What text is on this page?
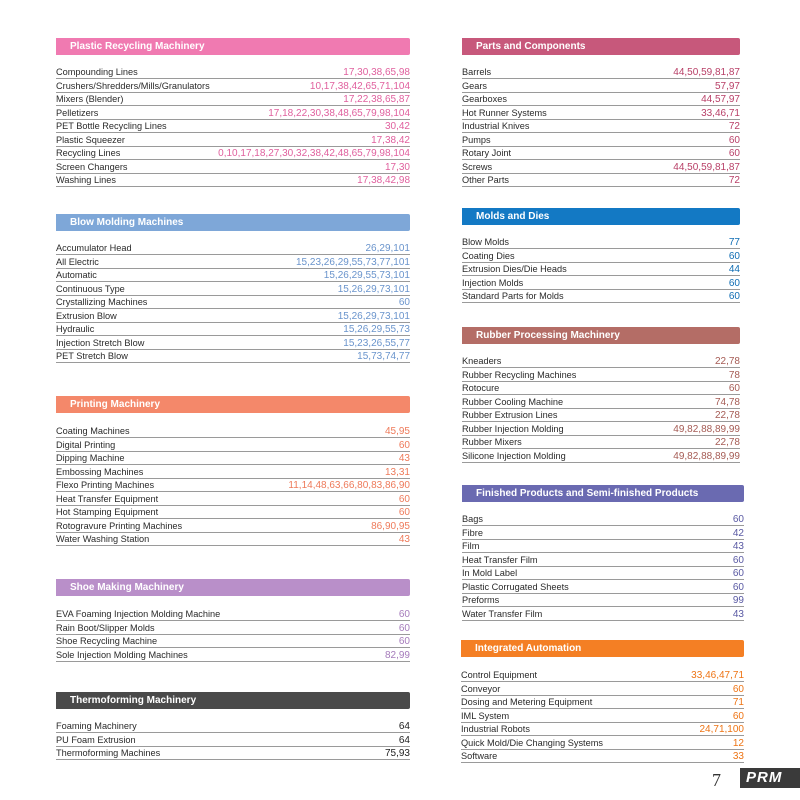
Plastic Recycling Machinery
Compounding Lines	17,30,38,65,98
Crushers/Shredders/Mills/Granulators	10,17,38,42,65,71,104
Mixers (Blender)	17,22,38,65,87
Pelletizers	17,18,22,30,38,48,65,79,98,104
PET Bottle Recycling Lines	30,42
Plastic Squeezer	17,38,42
Recycling Lines	0,10,17,18,27,30,32,38,42,48,65,79,98,104
Screen Changers	17,30
Washing Lines	17,38,42,98
Blow Molding Machines
Accumulator Head	26,29,101
All Electric	15,23,26,29,55,73,77,101
Automatic	15,26,29,55,73,101
Continuous Type	15,26,29,73,101
Crystallizing Machines	60
Extrusion Blow	15,26,29,73,101
Hydraulic	15,26,29,55,73
Injection Stretch Blow	15,23,26,55,77
PET Stretch Blow	15,73,74,77
Printing Machinery
Coating Machines	45,95
Digital Printing	60
Dipping Machine	43
Embossing Machines	13,31
Flexo Printing Machines	11,14,48,63,66,80,83,86,90
Heat Transfer Equipment	60
Hot Stamping Equipment	60
Rotogravure Printing Machines	86,90,95
Water Washing Station	43
Shoe Making Machinery
EVA Foaming Injection Molding Machine	60
Rain Boot/Slipper Molds	60
Shoe Recycling Machine	60
Sole Injection Molding Machines	82,99
Thermoforming Machinery
Foaming Machinery	64
PU Foam Extrusion	64
Thermoforming Machines	75,93
Parts and Components
Barrels	44,50,59,81,87
Gears	57,97
Gearboxes	44,57,97
Hot Runner Systems	33,46,71
Industrial Knives	72
Pumps	60
Rotary Joint	60
Screws	44,50,59,81,87
Other Parts	72
Molds and Dies
Blow Molds	77
Coating Dies	60
Extrusion Dies/Die Heads	44
Injection Molds	60
Standard Parts for Molds	60
Rubber Processing Machinery
Kneaders	22,78
Rubber Recycling Machines	78
Rotocure	60
Rubber Cooling Machine	74,78
Rubber Extrusion Lines	22,78
Rubber Injection Molding	49,82,88,89,99
Rubber Mixers	22,78
Silicone Injection Molding	49,82,88,89,99
Finished Products and Semi-finished Products
Bags	60
Fibre	42
Film	43
Heat Transfer Film	60
In Mold Label	60
Plastic Corrugated Sheets	60
Preforms	99
Water Transfer Film	43
Integrated Automation
Control Equipment	33,46,47,71
Conveyor	60
Dosing and Metering Equipment	71
IML System	60
Industrial Robots	24,71,100
Quick Mold/Die Changing Systems	12
Software	33
7 PRM
